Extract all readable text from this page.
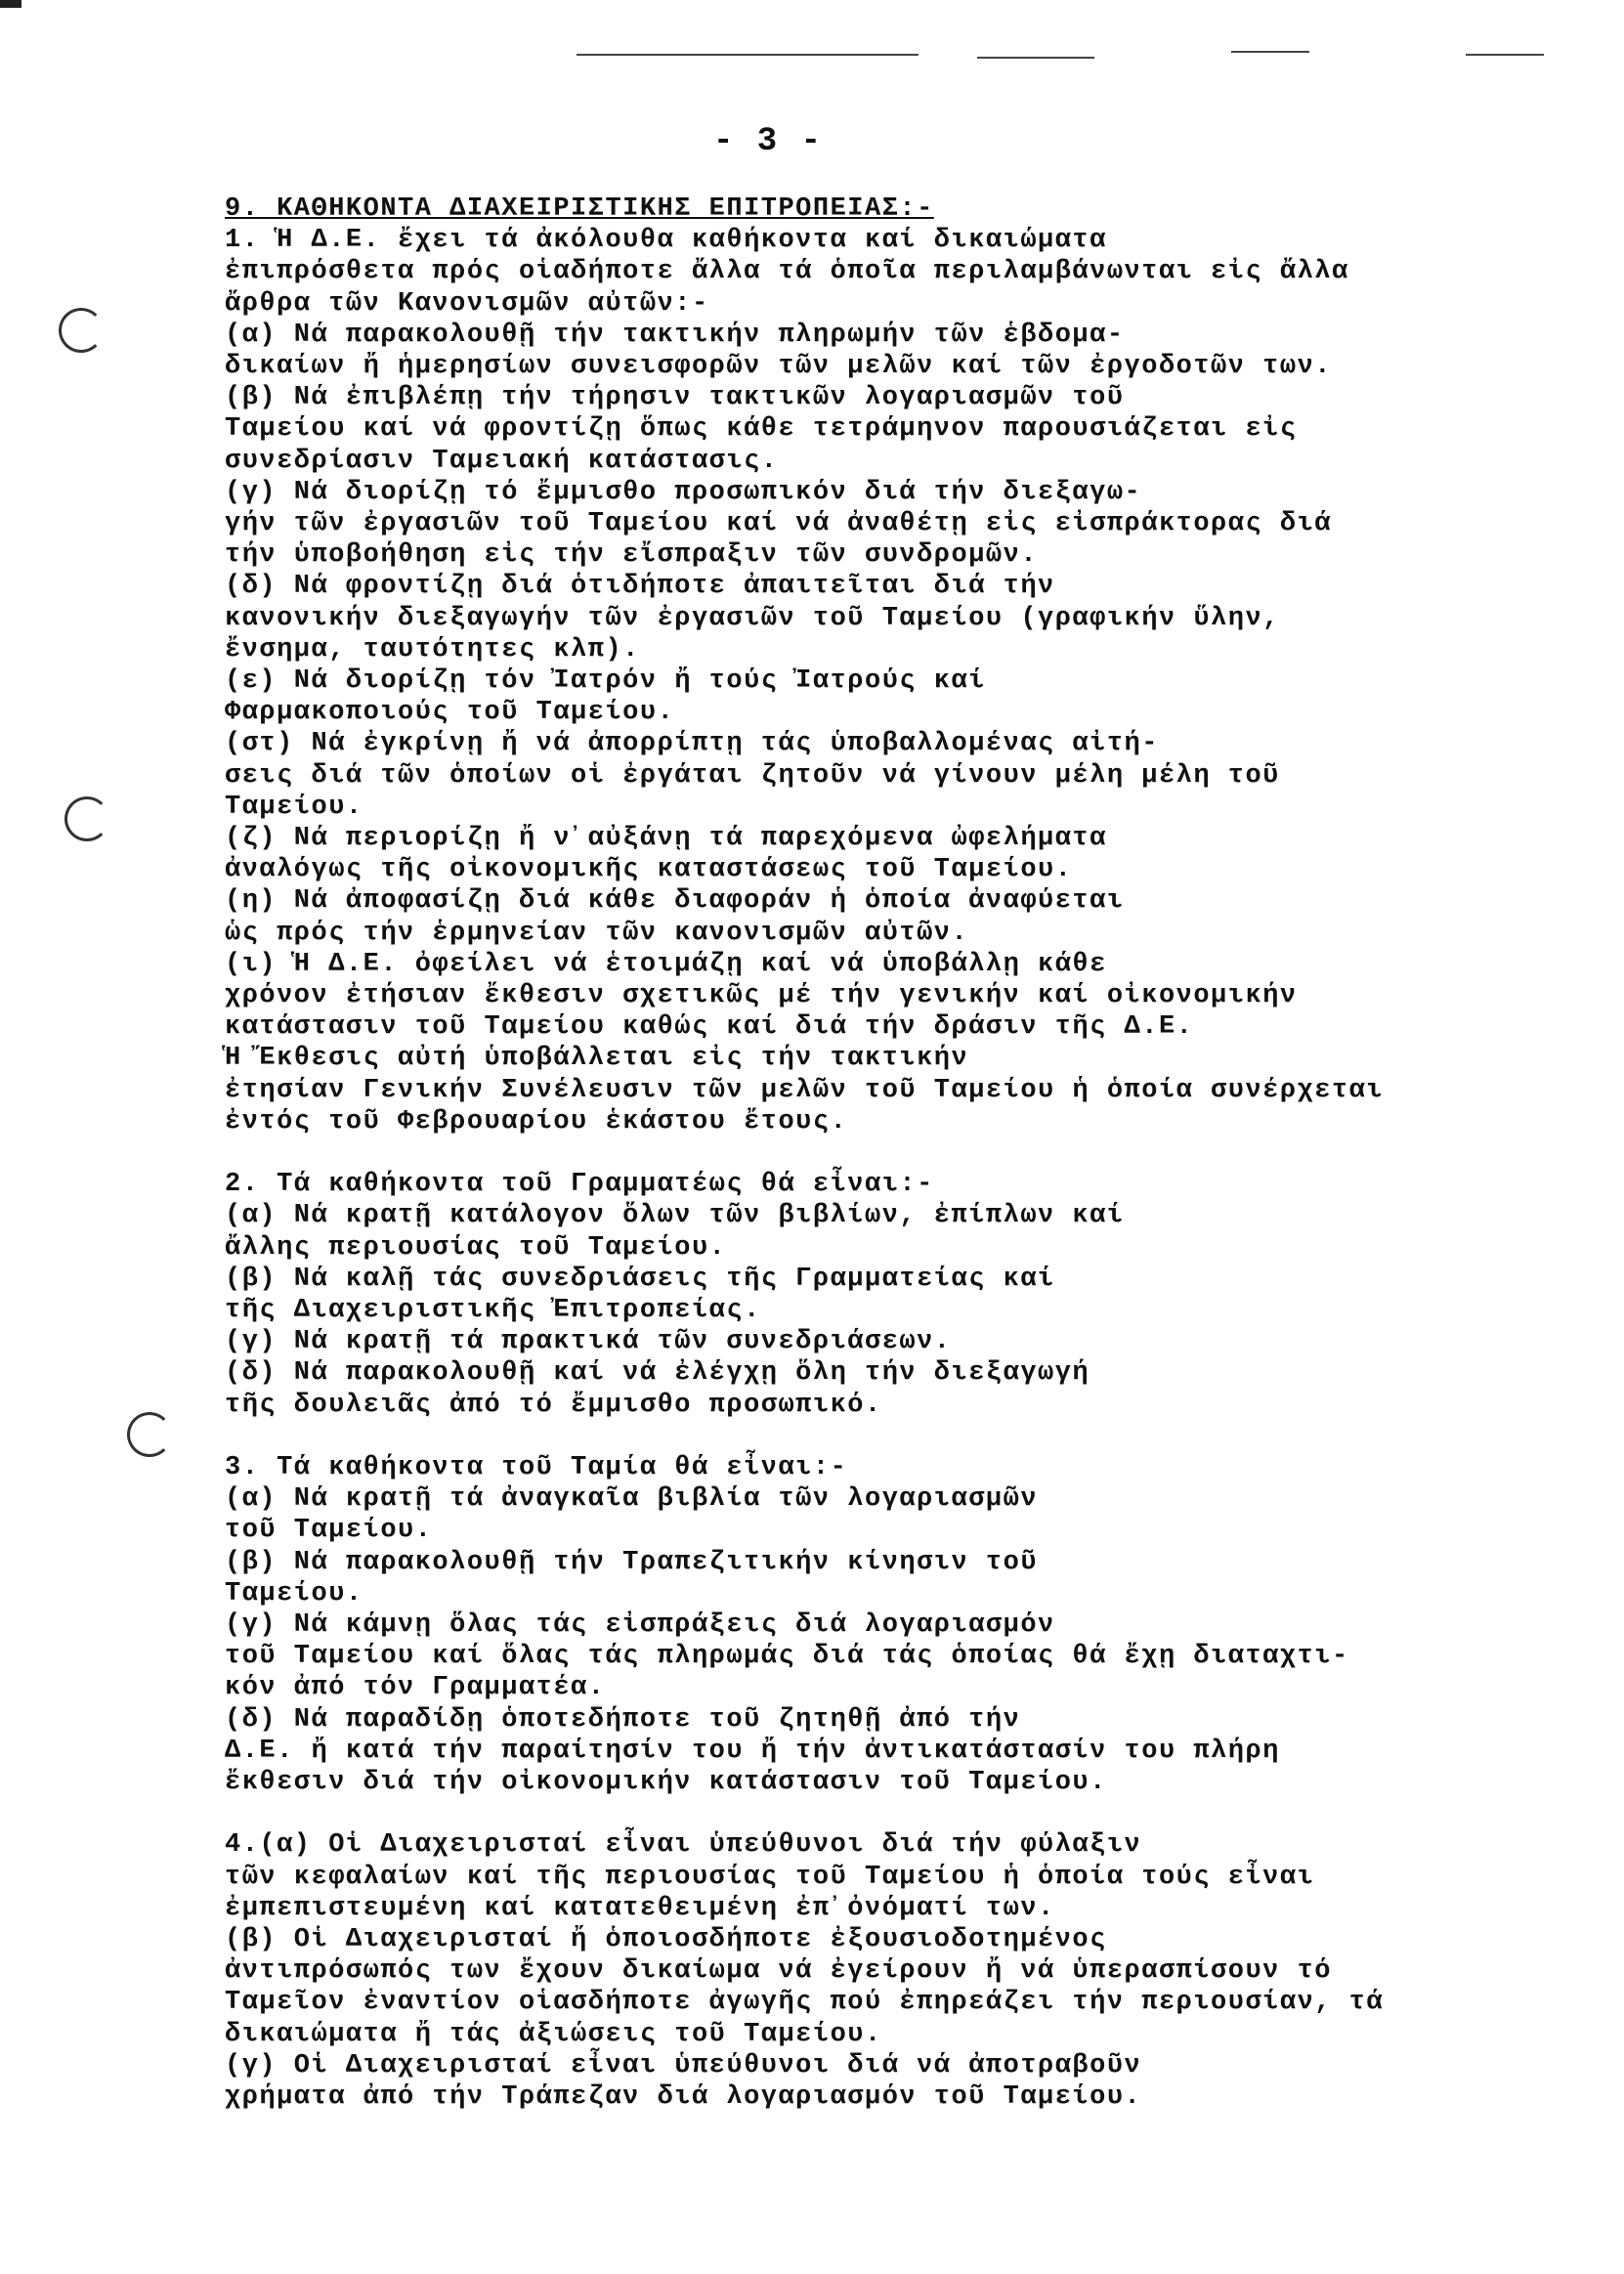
- 3 -
9. ΚΑΘΗΚΟΝΤΑ ΔΙΑΧΕΙΡΙΣΤΙΚΗΣ ΕΠΙΤΡΟΠΕΙΑΣ:-
1. Ἡ Δ.Ε. ἔχει τά ἀκόλουθα καθήκοντα καί δικαιώματα
ἐπιπρόσθετα πρός οἱαδήποτε ἄλλα τά ὁποῖα περιλαμβάνωνται εἰς ἄλλα
ἄρθρα τῶν Κανονισμῶν αὐτῶν:-
(α) Νά παρακολουθῇ τήν τακτικήν πληρωμήν τῶν ἑβδομα-
δικαίων ἤ ἡμερησίων συνεισφορῶν τῶν μελῶν καί τῶν ἐργοδοτῶν των.
(β) Νά ἐπιβλέπῃ τήν τήρησιν τακτικῶν λογαριασμῶν τοῦ
Ταμείου καί νά φροντίζῃ ὅπως κάθε τετράμηνον παρουσιάζεται εἰς
συνεδρίασιν Ταμειακή κατάστασις.
(γ) Νά διορίζῃ τό ἔμμισθο προσωπικόν διά τήν διεξαγω-
γήν τῶν ἐργασιῶν τοῦ Ταμείου καί νά ἀναθέτῃ εἰς εἰσπράκτορας διά
τήν ὑποβοήθηση εἰς τήν εἴσπραξιν τῶν συνδρομῶν.
(δ) Νά φροντίζῃ διά ὁτιδήποτε ἀπαιτεῖται διά τήν
κανονικήν διεξαγωγήν τῶν ἐργασιῶν τοῦ Ταμείου (γραφικήν ὕλην,
ἔνσημα, ταυτότητες κλπ).
(ε) Νά διορίζῃ τόν Ἰατρόν ἤ τούς Ἰατρούς καί
Φαρμακοποιούς τοῦ Ταμείου.
(στ) Νά ἐγκρίνῃ ἤ νά ἀπορρίπτῃ τάς ὑποβαλλομένας αἰτή-
σεις διά τῶν ὁποίων οἱ ἐργάται ζητοῦν νά γίνουν μέλη μέλη τοῦ
Ταμείου.
(ζ) Νά περιορίζῃ ἤ ν᾽αὐξάνῃ τά παρεχόμενα ὠφελήματα
ἀναλόγως τῆς οἰκονομικῆς καταστάσεως τοῦ Ταμείου.
(η) Νά ἀποφασίζῃ διά κάθε διαφοράν ἡ ὁποία ἀναφύεται
ὡς πρός τήν ἑρμηνείαν τῶν κανονισμῶν αὐτῶν.
(ι) Ἡ Δ.Ε. ὀφείλει νά ἑτοιμάζῃ καί νά ὑποβάλλῃ κάθε
χρόνον ἐτήσιαν ἔκθεσιν σχετικῶς μέ τήν γενικήν καί οἰκονομικήν
κατάστασιν τοῦ Ταμείου καθώς καί διά τήν δράσιν τῆς Δ.Ε.
Ἡ Ἔκθεσις αὐτή ὑποβάλλεται εἰς τήν τακτικήν
ἐτησίαν Γενικήν Συνέλευσιν τῶν μελῶν τοῦ Ταμείου ἡ ὁποία συνέρχεται
ἐντός τοῦ Φεβρουαρίου ἑκάστου ἔτους.
2. Τά καθήκοντα τοῦ Γραμματέως θά εἶναι:-
(α) Νά κρατῇ κατάλογον ὅλων τῶν βιβλίων, ἐπίπλων καί
ἄλλης περιουσίας τοῦ Ταμείου.
(β) Νά καλῇ τάς συνεδριάσεις τῆς Γραμματείας καί
τῆς Διαχειριστικῆς Ἐπιτροπείας.
(γ) Νά κρατῇ τά πρακτικά τῶν συνεδριάσεων.
(δ) Νά παρακολουθῇ καί νά ἐλέγχῃ ὅλη τήν διεξαγωγή
τῆς δουλειᾶς ἀπό τό ἔμμισθο προσωπικό.
3. Τά καθήκοντα τοῦ Ταμία θά εἶναι:-
(α) Νά κρατῇ τά ἀναγκαῖα βιβλία τῶν λογαριασμῶν
τοῦ Ταμείου.
(β) Νά παρακολουθῇ τήν Τραπεζιτικήν κίνησιν τοῦ
Ταμείου.
(γ) Νά κάμνῃ ὅλας τάς εἰσπράξεις διά λογαριασμόν
τοῦ Ταμείου καί ὅλας τάς πληρωμάς διά τάς ὁποίας θά ἔχῃ διαταχτι-
κόν ἀπό τόν Γραμματέα.
(δ) Νά παραδίδῃ ὁποτεδήποτε τοῦ ζητηθῇ ἀπό τήν
Δ.Ε. ἤ κατά τήν παραίτησίν του ἤ τήν ἀντικατάστασίν του πλήρη
ἔκθεσιν διά τήν οἰκονομικήν κατάστασιν τοῦ Ταμείου.
4.(α) Οἱ Διαχειρισταί εἶναι ὑπεύθυνοι διά τήν φύλαξιν
τῶν κεφαλαίων καί τῆς περιουσίας τοῦ Ταμείου ἡ ὁποία τούς εἶναι
ἐμπεπιστευμένη καί κατατεθειμένη ἐπ᾽ὀνόματί των.
(β) Οἱ Διαχειρισταί ἤ ὁποιοσδήποτε ἐξουσιοδοτημένος
ἀντιπρόσωπός των ἔχουν δικαίωμα νά ἐγείρουν ἤ νά ὑπερασπίσουν τό
Ταμεῖον ἐναντίον οἱασδήποτε ἀγωγῆς πού ἐπηρεάζει τήν περιουσίαν, τά
δικαιώματα ἤ τάς ἀξιώσεις τοῦ Ταμείου.
(γ) Οἱ Διαχειρισταί εἶναι ὑπεύθυνοι διά νά ἀποτραβοῦν
χρήματα ἀπό τήν Τράπεζαν διά λογαριασμόν τοῦ Ταμείου.
